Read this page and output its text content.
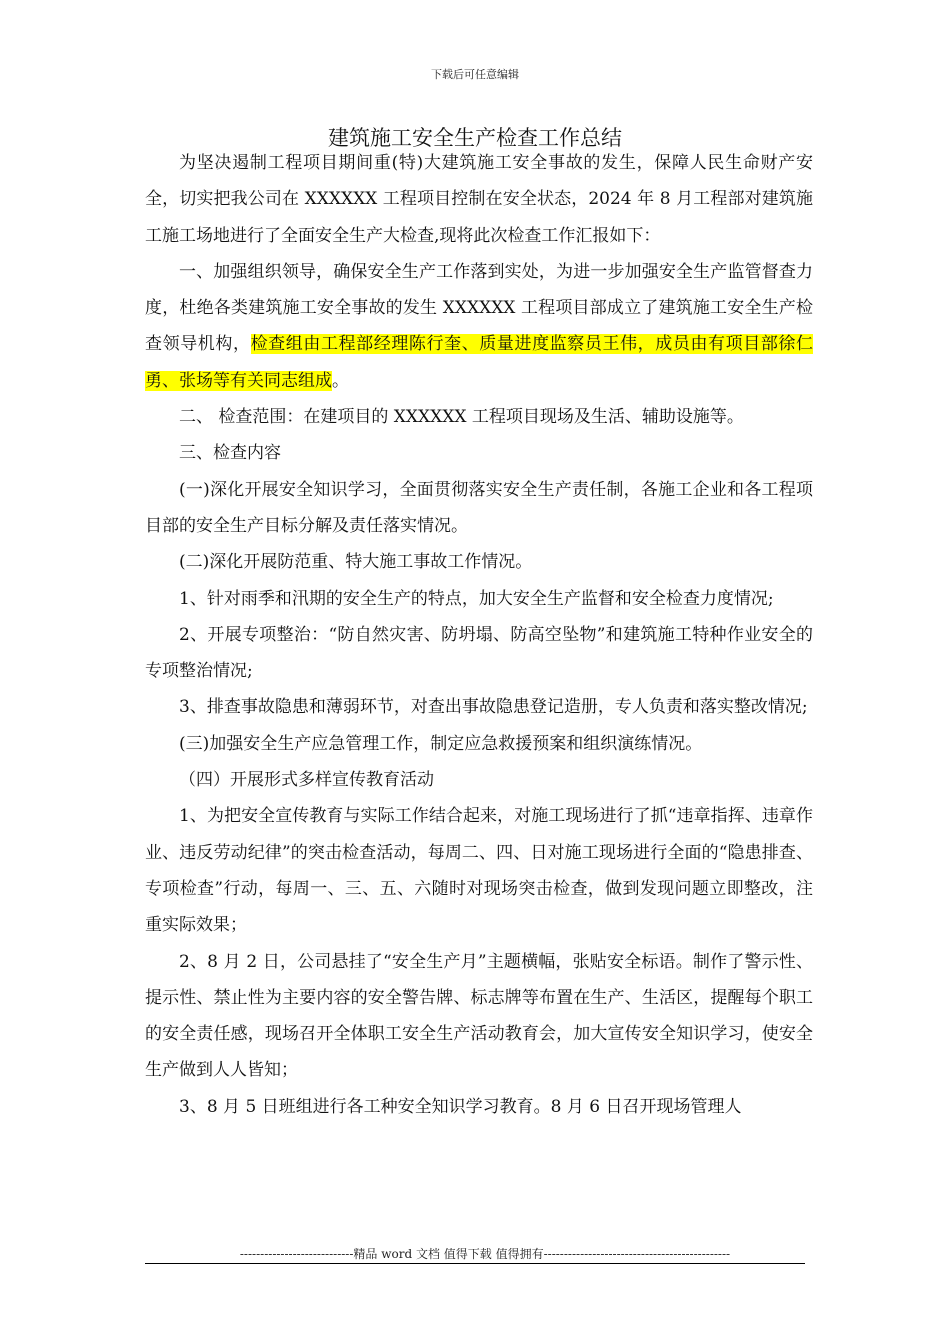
下载后可任意编辑
建筑施工安全生产检查工作总结

为坚决遏制工程项目期间重(特)大建筑施工安全事故的发生，保障人民生命财产安全，切实把我公司在 XXXXXX 工程项目控制在安全状态，2024 年 8 月工程部对建筑施工施工场地进行了全面安全生产大检查,现将此次检查工作汇报如下：

一、加强组织领导，确保安全生产工作落到实处，为进一步加强安全生产监管督查力度，杜绝各类建筑施工安全事故的发生 XXXXXX 工程项目部成立了建筑施工安全生产检查领导机构，检查组由工程部经理陈行奎、质量进度监察员王伟，成员由有项目部徐仁勇、张场等有关同志组成。

二、 检查范围：在建项目的 XXXXXX 工程项目现场及生活、辅助设施等。

三、检查内容

(一)深化开展安全知识学习，全面贯彻落实安全生产责任制，各施工企业和各工程项目部的安全生产目标分解及责任落实情况。

(二)深化开展防范重、特大施工事故工作情况。

1、针对雨季和汛期的安全生产的特点，加大安全生产监督和安全检查力度情况;

2、开展专项整治：“防自然灾害、防坍塌、防高空坠物”和建筑施工特种作业安全的专项整治情况;

3、排查事故隐患和薄弱环节，对查出事故隐患登记造册，专人负责和落实整改情况;

(三)加强安全生产应急管理工作，制定应急救援预案和组织演练情况。

（四）开展形式多样宣传教育活动

1、为把安全宣传教育与实际工作结合起来，对施工现场进行了抓“违章指挥、违章作业、违反劳动纪律”的突击检查活动，每周二、四、日对施工现场进行全面的“隐患排查、专项检查”行动，每周一、三、五、六随时对现场突击检查，做到发现问题立即整改，注重实际效果；

2、8 月 2 日，公司悬挂了“安全生产月”主题横幅，张贴安全标语。制作了警示性、提示性、禁止性为主要内容的安全警告牌、标志牌等布置在生产、生活区，提醒每个职工的安全责任感，现场召开全体职工安全生产活动教育会，加大宣传安全知识学习，使安全生产做到人人皆知；

3、8 月 5 日班组进行各工种安全知识学习教育。8 月 6 日召开现场管理人

----------------------------精品 word 文档 值得下载 值得拥有----------------------------------------------
